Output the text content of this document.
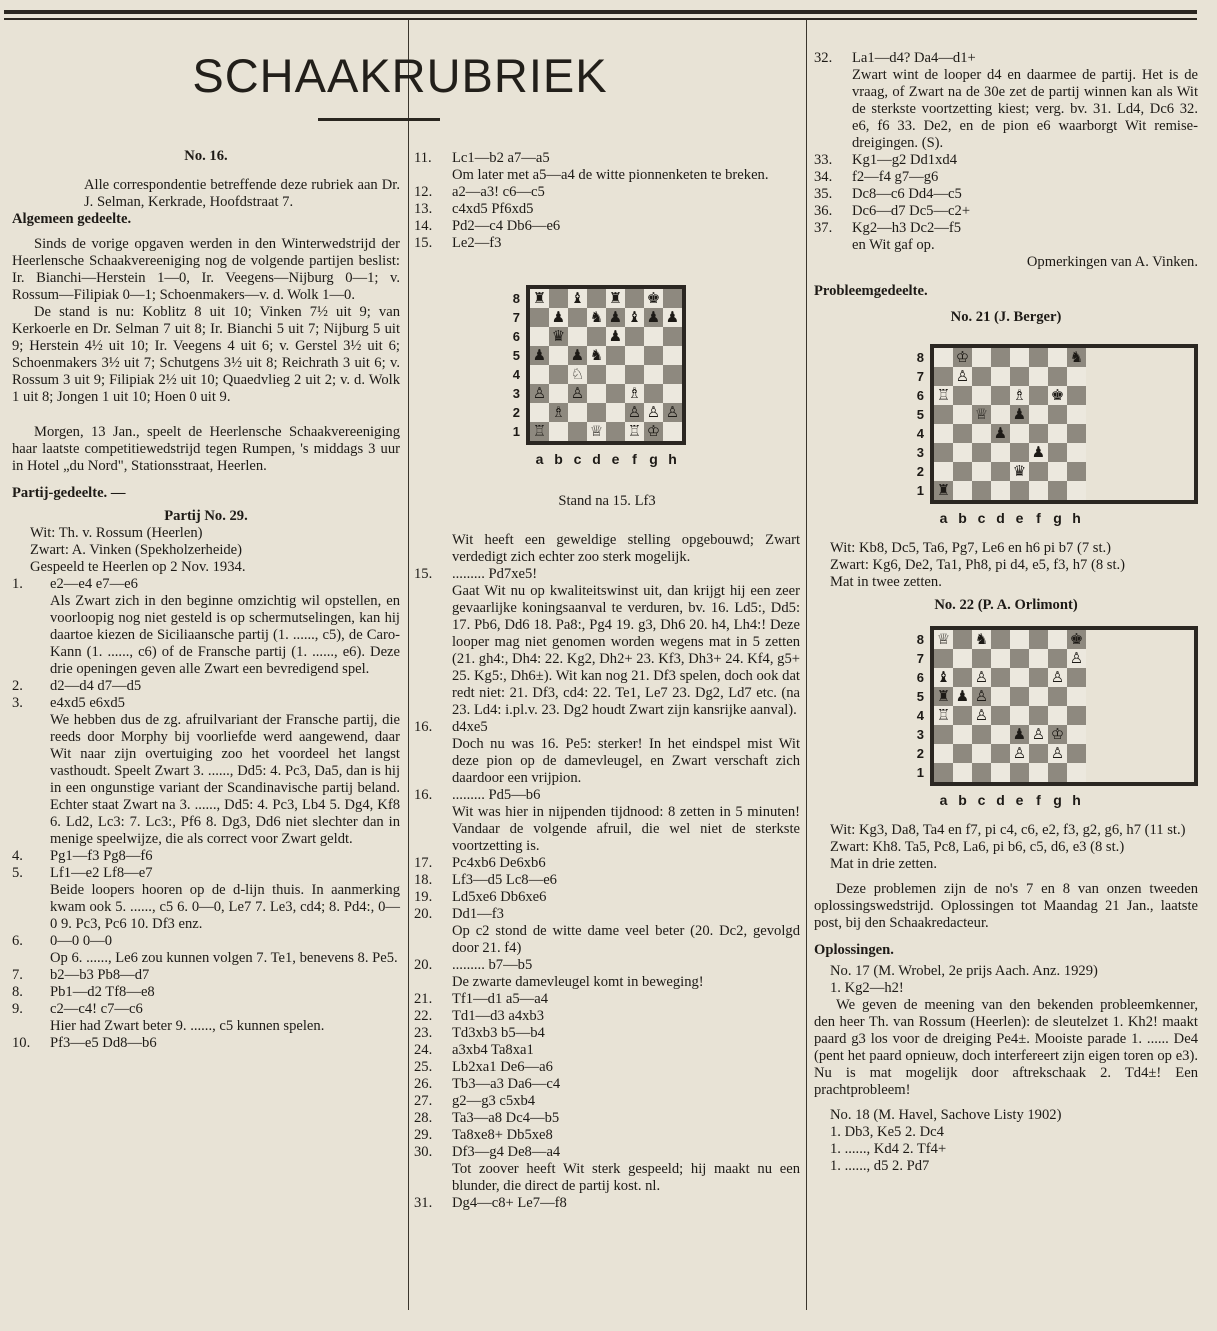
SCHAAKRUBRIEK

No. 16.

Alle correspondentie betreffende deze rubriek aan Dr. J. Selman, Kerkrade, Hoofdstraat 7.

Algemeen gedeelte.

Sinds de vorige opgaven werden in den Winterwedstrijd der Heerlensche Schaakvereeniging nog de volgende partijen beslist: Ir. Bianchi—Herstein 1—0, Ir. Veegens—Nijburg 0—1; v. Rossum—Filipiak 0—1; Schoenmakers—v. d. Wolk 1—0.

De stand is nu: Koblitz 8 uit 10; Vinken 7½ uit 9; van Kerkoerle en Dr. Selman 7 uit 8; Ir. Bianchi 5 uit 7; Nijburg 5 uit 9; Herstein 4½ uit 10; Ir. Veegens 4 uit 6; v. Gerstel 3½ uit 6; Schoenmakers 3½ uit 7; Schutgens 3½ uit 8; Reichrath 3 uit 6; v. Rossum 3 uit 9; Filipiak 2½ uit 10; Quaedvlieg 2 uit 2; v. d. Wolk 1 uit 8; Jongen 1 uit 10; Hoen 0 uit 9.

Morgen, 13 Jan., speelt de Heerlensche Schaakvereeniging haar laatste competitiewedstrijd tegen Rumpen, 's middags 3 uur in Hotel „du Nord", Stationsstraat, Heerlen.

Partij-gedeelte. —

Partij No. 29.

Wit: Th. v. Rossum (Heerlen)

Zwart: A. Vinken (Spekholzerheide)

Gespeeld te Heerlen op 2 Nov. 1934.

1.	e2—e4 e7—e6

Als Zwart zich in den beginne omzichtig wil opstellen, en voorloopig nog niet gesteld is op schermutselingen, kan hij daartoe kiezen de Siciliaansche partij (1. ......, c5), de Caro-Kann (1. ......, c6) of de Fransche partij (1. ......, e6). Deze drie openingen geven alle Zwart een bevredigend spel.

2.	d2—d4 d7—d5
3.	e4xd5 e6xd5

We hebben dus de zg. afruilvariant der Fransche partij, die reeds door Morphy bij voorliefde werd aangewend, daar Wit naar zijn overtuiging zoo het voordeel het langst vasthoudt. Speelt Zwart 3. ......, Dd5: 4. Pc3, Da5, dan is hij in een ongunstige variant der Scandinavische partij beland. Echter staat Zwart na 3. ......, Dd5: 4. Pc3, Lb4 5. Dg4, Kf8 6. Ld2, Lc3: 7. Lc3:, Pf6 8. Dg3, Dd6 niet slechter dan in menige speelwijze, die als correct voor Zwart geldt.

4.	Pg1—f3 Pg8—f6
5.	Lf1—e2 Lf8—e7

Beide loopers hooren op de d-lijn thuis. In aanmerking kwam ook 5. ......, c5 6. 0—0, Le7 7. Le3, cd4; 8. Pd4:, 0—0 9. Pc3, Pc6 10. Df3 enz.

6.	0—0 0—0

Op 6. ......, Le6 zou kunnen volgen 7. Te1, benevens 8. Pe5.

7.	b2—b3 Pb8—d7
8.	Pb1—d2 Tf8—e8
9.	c2—c4! c7—c6

Hier had Zwart beter 9. ......, c5 kunnen spelen.

10.	Pf3—e5 Dd8—b6
11.	Lc1—b2 a7—a5

Om later met a5—a4 de witte pionnenketen te breken.

12.	a2—a3! c6—c5
13.	c4xd5 Pf6xd5
14.	Pd2—c4 Db6—e6
15.	Le2—f3
8 ♜ ♝ ♜ ♚
7 ♟ ♞ ♟ ♝ ♟ ♟
6 ♛	♟
5 ♟ ♟ ♞
4	♘
3 ♙ ♙	♗
2 ♗	♙ ♙ ♙
1 ♖	♕ ♖ ♔
a b c d e f g h

Stand na 15. Lf3

Wit heeft een geweldige stelling opgebouwd; Zwart verdedigt zich echter zoo sterk mogelijk.

15.	......... Pd7xe5!

Gaat Wit nu op kwaliteitswinst uit, dan krijgt hij een zeer gevaarlijke koningsaanval te verduren, bv. 16. Ld5:, Dd5: 17. Pb6, Dd6 18. Pa8:, Pg4 19. g3, Dh6 20. h4, Lh4:! Deze looper mag niet genomen worden wegens mat in 5 zetten (21. gh4:, Dh4: 22. Kg2, Dh2+ 23. Kf3, Dh3+ 24. Kf4, g5+ 25. Kg5:, Dh6±). Wit kan nog 21. Df3 spelen, doch ook dat redt niet: 21. Df3, cd4: 22. Te1, Le7 23. Dg2, Ld7 etc. (na 23. Ld4: i.pl.v. 23. Dg2 houdt Zwart zijn kansrijke aanval).

16.	d4xe5

Doch nu was 16. Pe5: sterker! In het eindspel mist Wit deze pion op de damevleugel, en Zwart verschaft zich daardoor een vrijpion.

16.	......... Pd5—b6

Wit was hier in nijpenden tijdnood: 8 zetten in 5 minuten! Vandaar de volgende afruil, die wel niet de sterkste voortzetting is.

17.	Pc4xb6 De6xb6
18.	Lf3—d5 Lc8—e6
19.	Ld5xe6 Db6xe6
20.	Dd1—f3

Op c2 stond de witte dame veel beter (20. Dc2, gevolgd door 21. f4)

20.	......... b7—b5

De zwarte damevleugel komt in beweging!

21.	Tf1—d1 a5—a4
22.	Td1—d3 a4xb3
23.	Td3xb3 b5—b4
24.	a3xb4 Ta8xa1
25.	Lb2xa1 De6—a6
26.	Tb3—a3 Da6—c4
27.	g2—g3 c5xb4
28.	Ta3—a8 Dc4—b5
29.	Ta8xe8+ Db5xe8
30.	Df3—g4 De8—a4

Tot zoover heeft Wit sterk gespeeld; hij maakt nu een blunder, die direct de partij kost. nl.

31.	Dg4—c8+ Le7—f8
32.	La1—d4? Da4—d1+

Zwart wint de looper d4 en daarmee de partij. Het is de vraag, of Zwart na de 30e zet de partij winnen kan als Wit de sterkste voortzetting kiest; verg. bv. 31. Ld4, Dc6 32. e6, f6 33. De2, en de pion e6 waarborgt Wit remise-dreigingen. (S).

33.	Kg1—g2 Dd1xd4
34.	f2—f4 g7—g6
35.	Dc8—c6 Dd4—c5
36.	Dc6—d7 Dc5—c2+
37.	Kg2—h3 Dc2—f5

en Wit gaf op.

Opmerkingen van A. Vinken.

Probleemgedeelte.

No. 21 (J. Berger)

8 ♔	♞
7 ♙
6 ♖	♗ ♚
5	♕ ♟
4	♟
3	♟
2	♛
1 ♜
a b c d e f g h

Wit: Kb8, Dc5, Ta6, Pg7, Le6 en h6 pi b7 (7 st.)

Zwart: Kg6, De2, Ta1, Ph8, pi d4, e5, f3, h7 (8 st.)

Mat in twee zetten.

No. 22 (P. A. Orlimont)

8 ♕ ♞	♚
7	♙
6 ♝ ♙	♙
5 ♜ ♟ ♙
4 ♖ ♙
3	♟ ♙ ♔
2	♙ ♙
1
a b c d e f g h

Wit: Kg3, Da8, Ta4 en f7, pi c4, c6, e2, f3, g2, g6, h7 (11 st.)

Zwart: Kh8. Ta5, Pc8, La6, pi b6, c5, d6, e3 (8 st.)

Mat in drie zetten.

Deze problemen zijn de no's 7 en 8 van onzen tweeden oplossingswedstrijd. Oplossingen tot Maandag 21 Jan., laatste post, bij den Schaakredacteur.

Oplossingen.

No. 17 (M. Wrobel, 2e prijs Aach. Anz. 1929)

1. Kg2—h2!

We geven de meening van den bekenden probleemkenner, den heer Th. van Rossum (Heerlen): de sleutelzet 1. Kh2! maakt paard g3 los voor de dreiging Pe4±. Mooiste parade 1. ...... De4 (pent het paard opnieuw, doch interfereert zijn eigen toren op e3). Nu is mat mogelijk door aftrekschaak 2. Td4±! Een prachtprobleem!

No. 18 (M. Havel, Sachove Listy 1902)

1. Db3, Ke5 2. Dc4

1. ......, Kd4 2. Tf4+

1. ......, d5 2. Pd7
